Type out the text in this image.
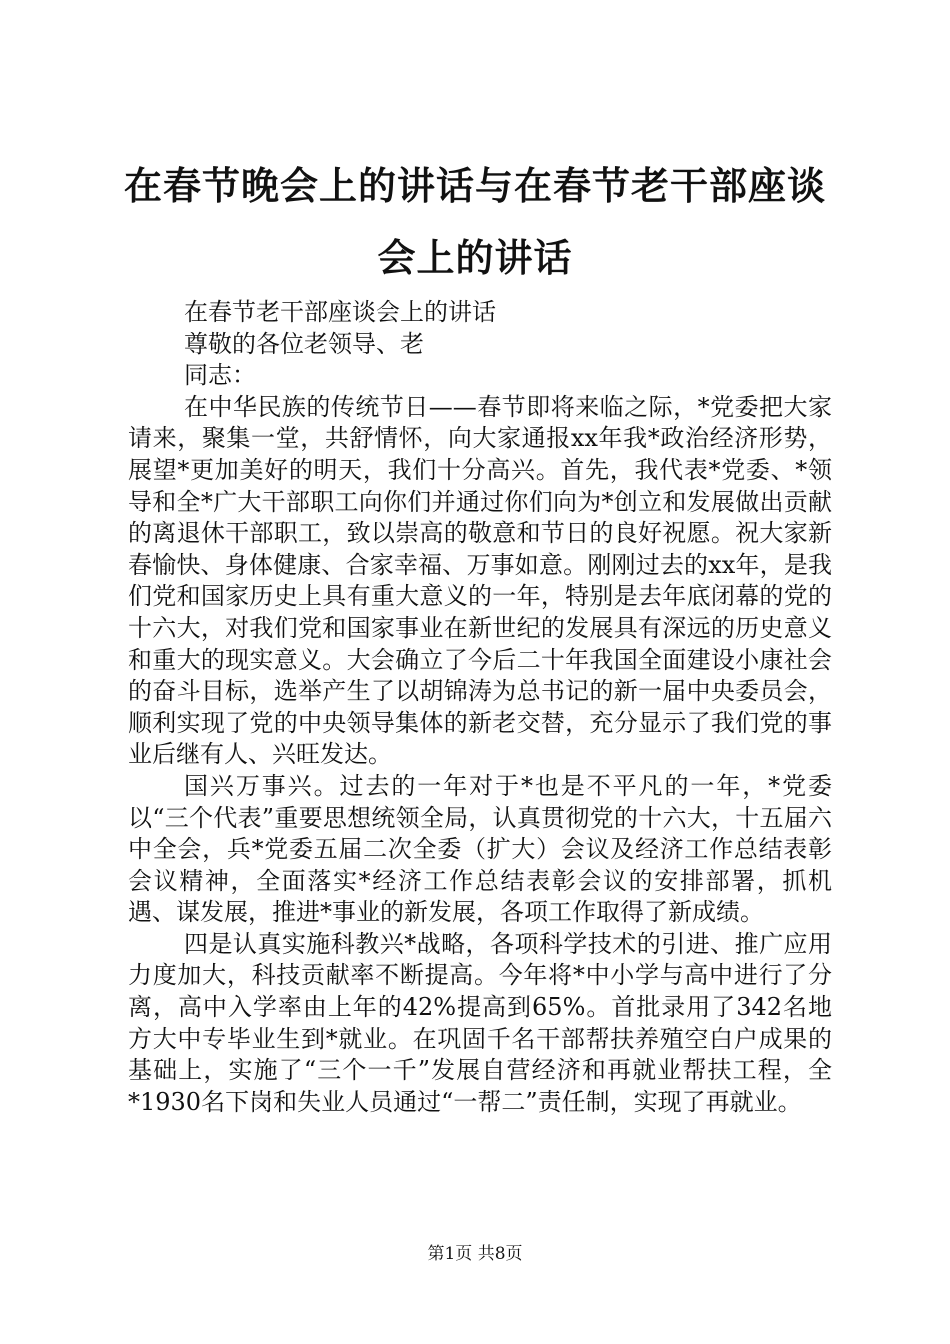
在春节晚会上的讲话与在春节老干部座谈会上的讲话

在春节老干部座谈会上的讲话

尊敬的各位老领导、老

同志：

在中华民族的传统节日——春节即将来临之际，*党委把大家请来，聚集一堂，共舒情怀，向大家通报xx年我*政治经济形势，展望*更加美好的明天，我们十分高兴。首先，我代表*党委、*领导和全*广大干部职工向你们并通过你们向为*创立和发展做出贡献的离退休干部职工，致以崇高的敬意和节日的良好祝愿。祝大家新春愉快、身体健康、合家幸福、万事如意。刚刚过去的xx年，是我们党和国家历史上具有重大意义的一年，特别是去年底闭幕的党的十六大，对我们党和国家事业在新世纪的发展具有深远的历史意义和重大的现实意义。大会确立了今后二十年我国全面建设小康社会的奋斗目标，选举产生了以胡锦涛为总书记的新一届中央委员会，顺利实现了党的中央领导集体的新老交替，充分显示了我们党的事业后继有人、兴旺发达。

国兴万事兴。过去的一年对于*也是不平凡的一年，*党委以“三个代表”重要思想统领全局，认真贯彻党的十六大，十五届六中全会，兵*党委五届二次全委（扩大）会议及经济工作总结表彰会议精神，全面落实*经济工作总结表彰会议的安排部署，抓机遇、谋发展，推进*事业的新发展，各项工作取得了新成绩。

四是认真实施科教兴*战略，各项科学技术的引进、推广应用力度加大，科技贡献率不断提高。今年将*中小学与高中进行了分离，高中入学率由上年的42%提高到65%。首批录用了342名地方大中专毕业生到*就业。在巩固千名干部帮扶养殖空白户成果的基础上，实施了“三个一千”发展自营经济和再就业帮扶工程，全*1930名下岗和失业人员通过“一帮二”责任制，实现了再就业。

第1页 共8页
